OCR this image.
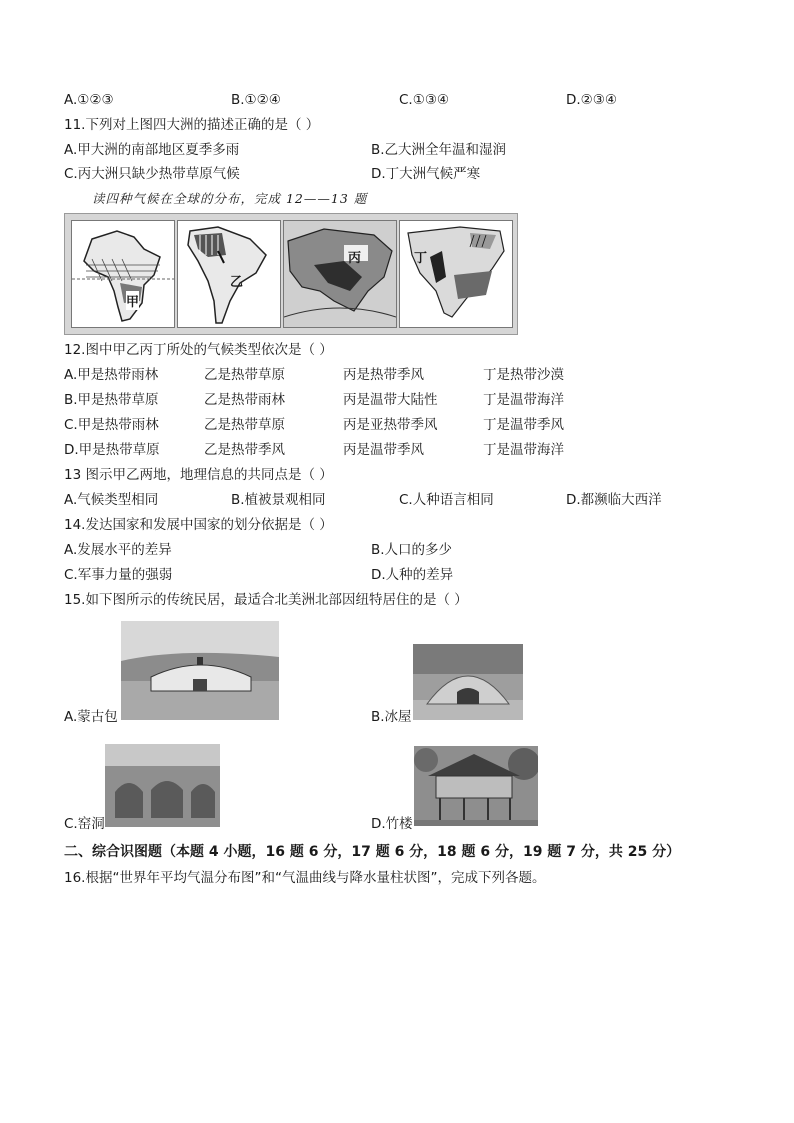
A.①②③	B.①②④	C.①③④	D.②③④
11.下列对上图四大洲的描述正确的是（ ）
A.甲大洲的南部地区夏季多雨	B.乙大洲全年温和湿润
C.丙大洲只缺少热带草原气候	D.丁大洲气候严寒
读四种气候在全球的分布，完成 12——13 题
甲
乙
丙	丁
12.图中甲乙丙丁所处的气候类型依次是（ ）
A.甲是热带雨林	乙是热带草原	丙是热带季风	丁是热带沙漠
B.甲是热带草原	乙是热带雨林	丙是温带大陆性	丁是温带海洋
C.甲是热带雨林	乙是热带草原	丙是亚热带季风	丁是温带季风
D.甲是热带草原	乙是热带季风	丙是温带季风	丁是温带海洋
13 图示甲乙两地，地理信息的共同点是（ ）
A.气候类型相同	B.植被景观相同	C.人种语言相同	D.都濒临大西洋
14.发达国家和发展中国家的划分依据是（ ）
A.发展水平的差异	B.人口的多少
C.军事力量的强弱	D.人种的差异
15.如下图所示的传统民居，最适合北美洲北部因纽特居住的是（ ）
A.蒙古包	B.冰屋
C.窑洞	D.竹楼
二、综合识图题（本题 4 小题，16 题 6 分，17 题 6 分，18 题 6 分，19 题 7 分，共 25 分）
16.根据“世界年平均气温分布图”和“气温曲线与降水量柱状图”，完成下列各题。
